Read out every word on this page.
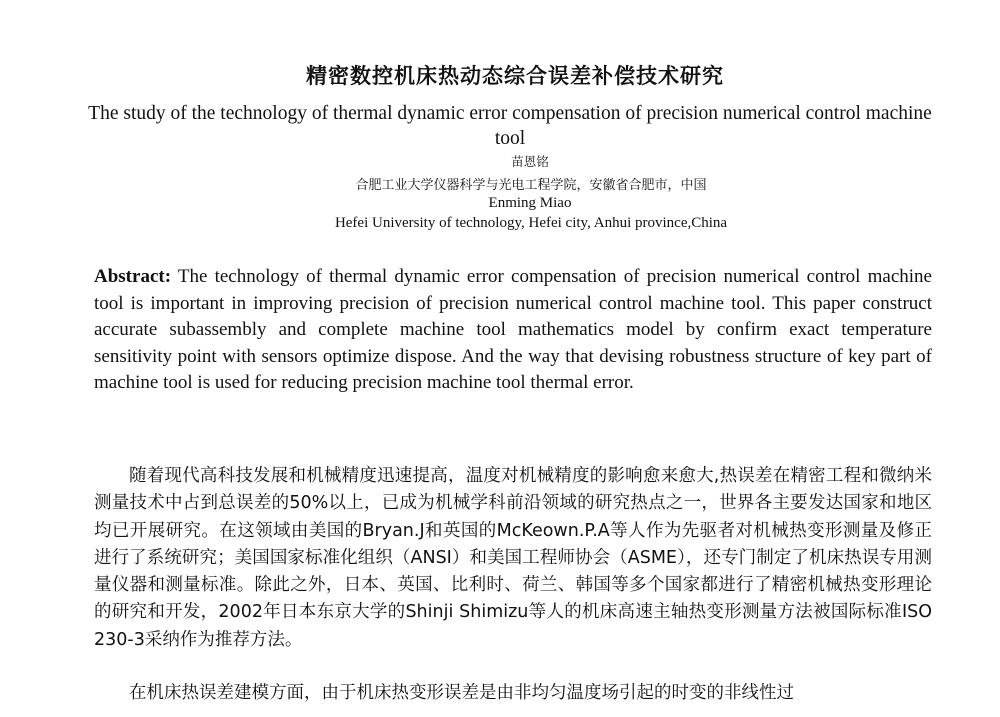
精密数控机床热动态综合误差补偿技术研究
The study of the technology of thermal dynamic error compensation of precision numerical control machine tool
苗恩铭
合肥工业大学仪器科学与光电工程学院，安徽省合肥市，中国
Enming Miao
Hefei University of technology, Hefei city, Anhui province,China
Abstract: The technology of thermal dynamic error compensation of precision numerical control machine tool is important in improving precision of precision numerical control machine tool. This paper construct accurate subassembly and complete machine tool mathematics model by confirm exact temperature sensitivity point with sensors optimize dispose. And the way that devising robustness structure of key part of machine tool is used for reducing precision machine tool thermal error.

随着现代高科技发展和机械精度迅速提高，温度对机械精度的影响愈来愈大,热误差在精密工程和微纳米测量技术中占到总误差的50%以上，已成为机械学科前沿领域的研究热点之一，世界各主要发达国家和地区均已开展研究。在这领域由美国的Bryan.J和英国的McKeown.P.A等人作为先驱者对机械热变形测量及修正进行了系统研究；美国国家标准化组织（ANSI）和美国工程师协会（ASME），还专门制定了机床热误专用测量仪器和测量标准。除此之外，日本、英国、比利时、荷兰、韩国等多个国家都进行了精密机械热变形理论的研究和开发，2002年日本东京大学的Shinji Shimizu等人的机床高速主轴热变形测量方法被国际标准ISO 230-3采纳作为推荐方法。

在机床热误差建模方面，由于机床热变形误差是由非均匀温度场引起的时变的非线性过
